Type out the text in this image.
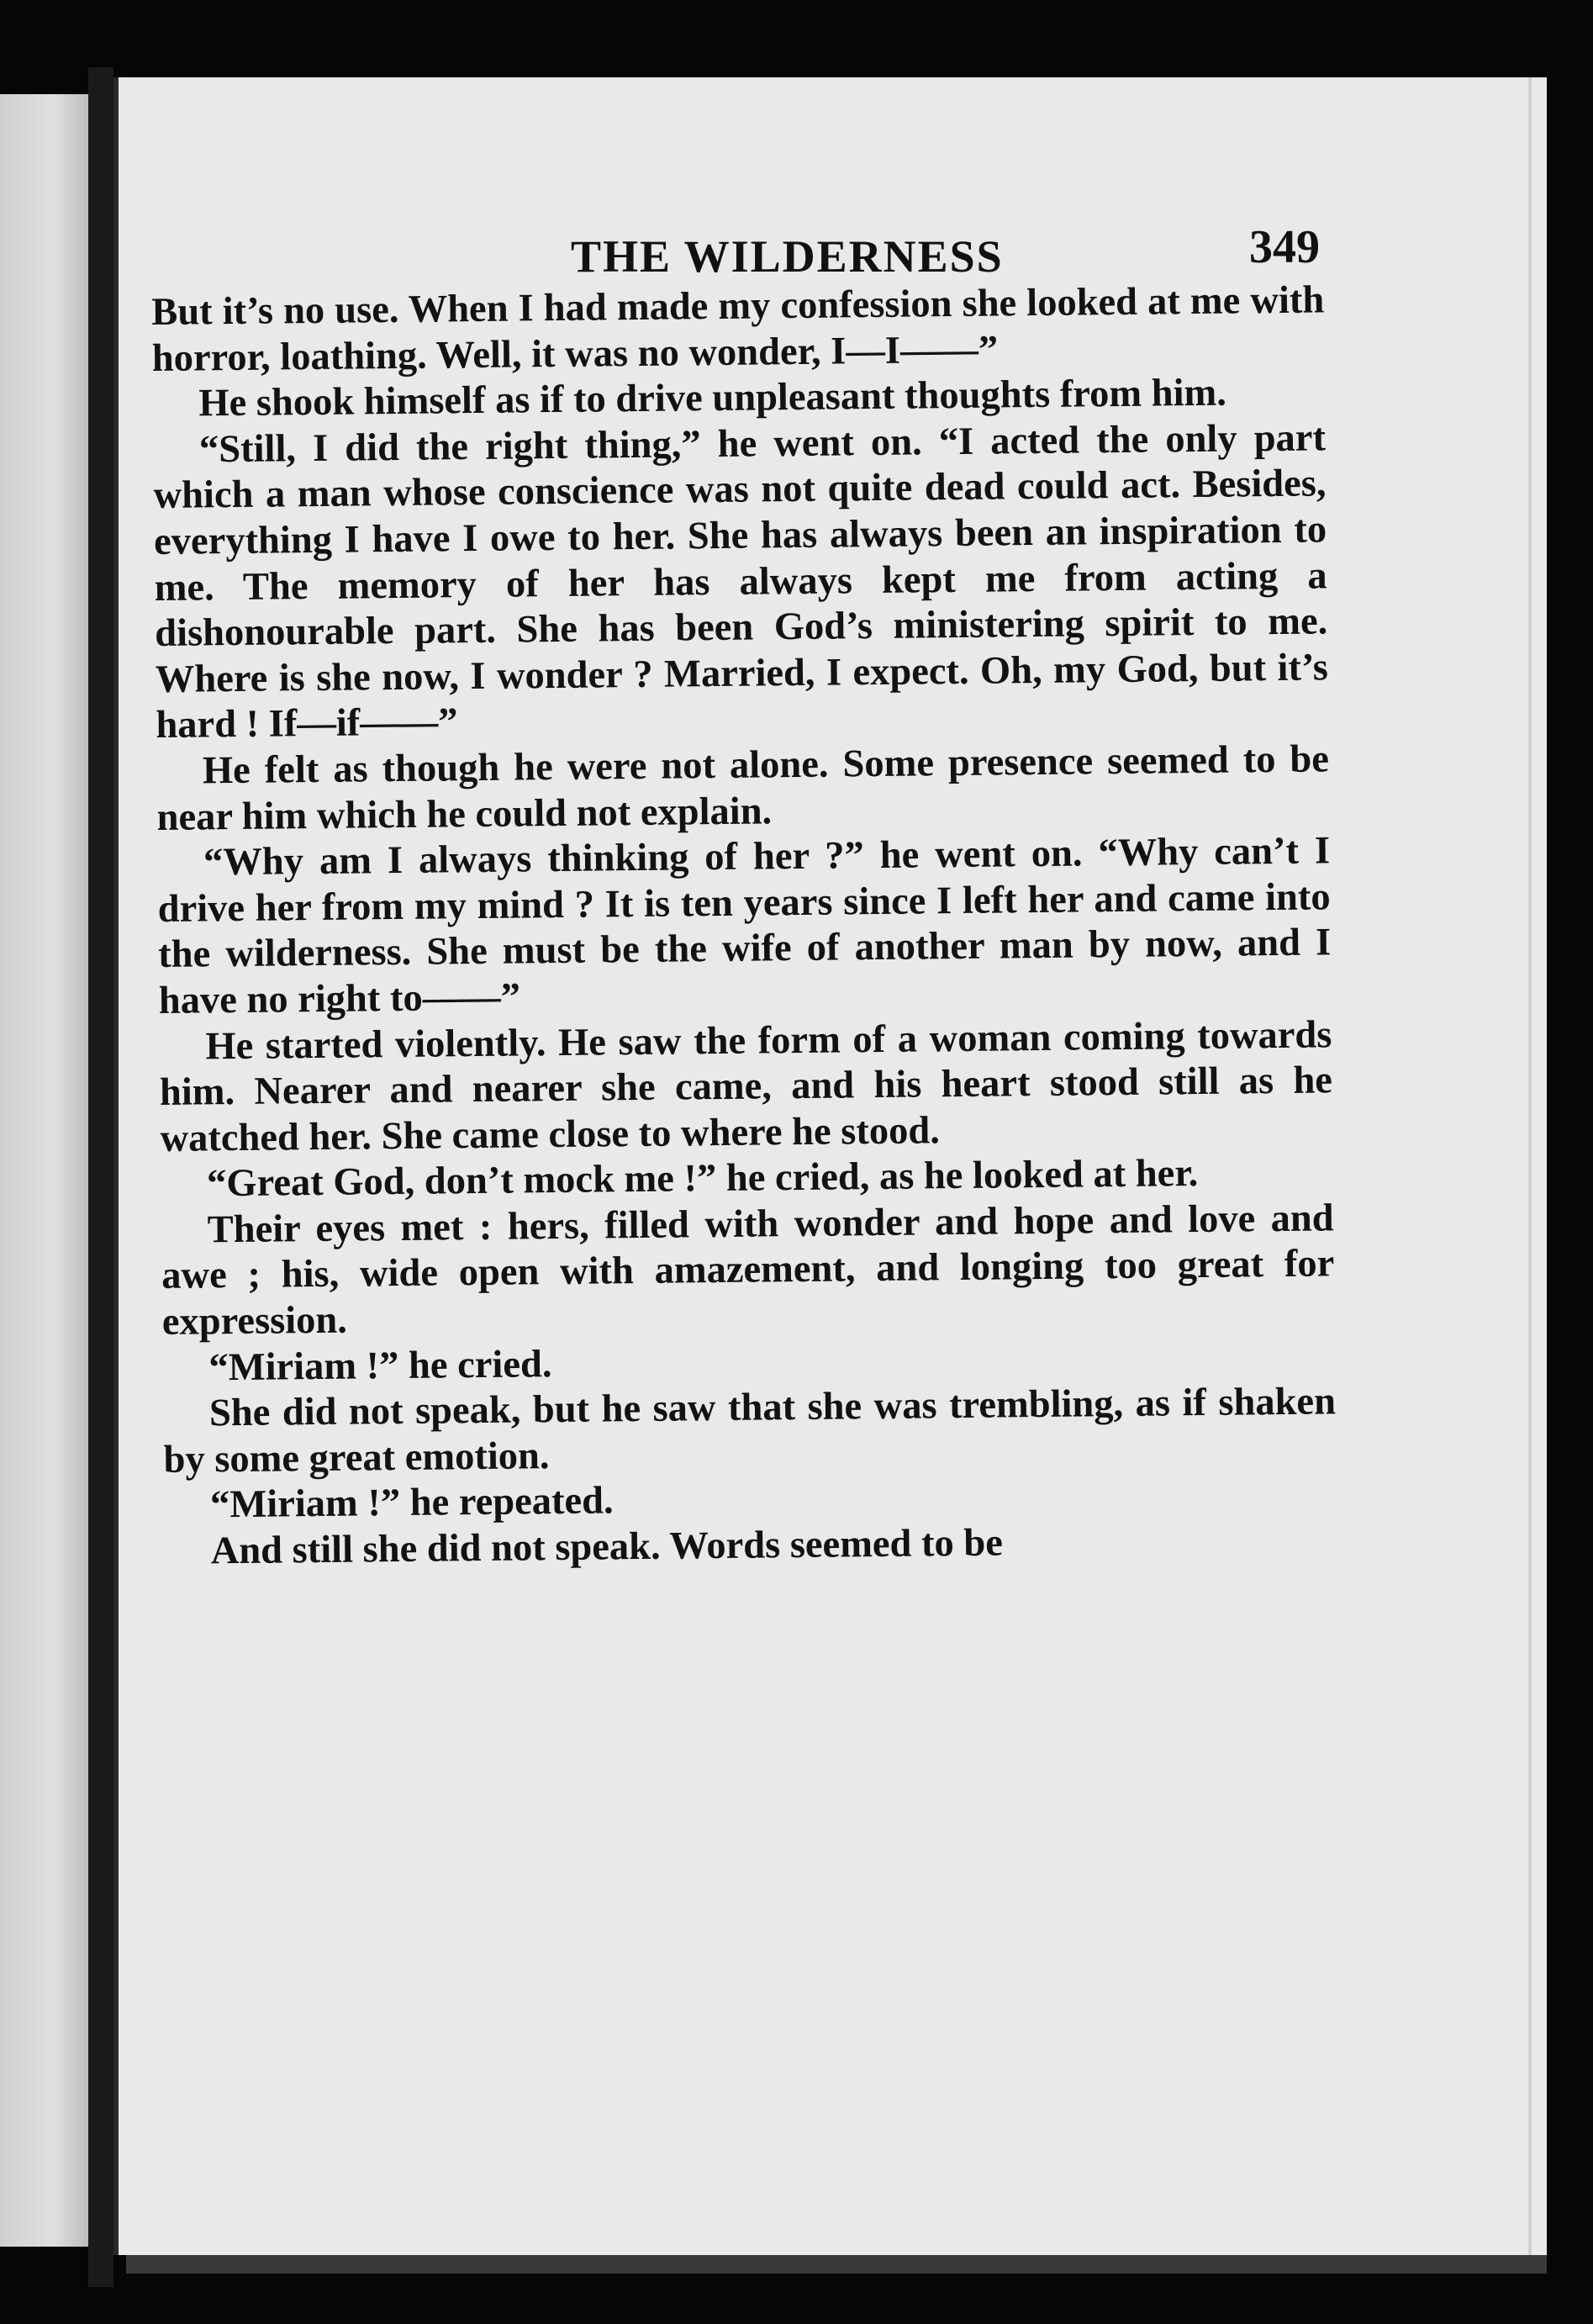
THE WILDERNESS	349

But it’s no use. When I had made my confession she looked at me with horror, loathing. Well, it was no wonder, I—I——”

He shook himself as if to drive unpleasant thoughts from him.

“Still, I did the right thing,” he went on. “I acted the only part which a man whose conscience was not quite dead could act. Besides, everything I have I owe to her. She has always been an inspiration to me. The memory of her has always kept me from acting a dishonourable part. She has been God’s ministering spirit to me. Where is she now, I wonder ? Married, I expect. Oh, my God, but it’s hard ! If—if——”

He felt as though he were not alone. Some presence seemed to be near him which he could not explain.

“Why am I always thinking of her ?” he went on. “Why can’t I drive her from my mind ? It is ten years since I left her and came into the wilderness. She must be the wife of another man by now, and I have no right to——”

He started violently. He saw the form of a woman coming towards him. Nearer and nearer she came, and his heart stood still as he watched her. She came close to where he stood.

“Great God, don’t mock me !” he cried, as he looked at her.

Their eyes met : hers, filled with wonder and hope and love and awe ; his, wide open with amazement, and longing too great for expression.

“Miriam !” he cried.

She did not speak, but he saw that she was trembling, as if shaken by some great emotion.

“Miriam !” he repeated.

And still she did not speak. Words seemed to be
